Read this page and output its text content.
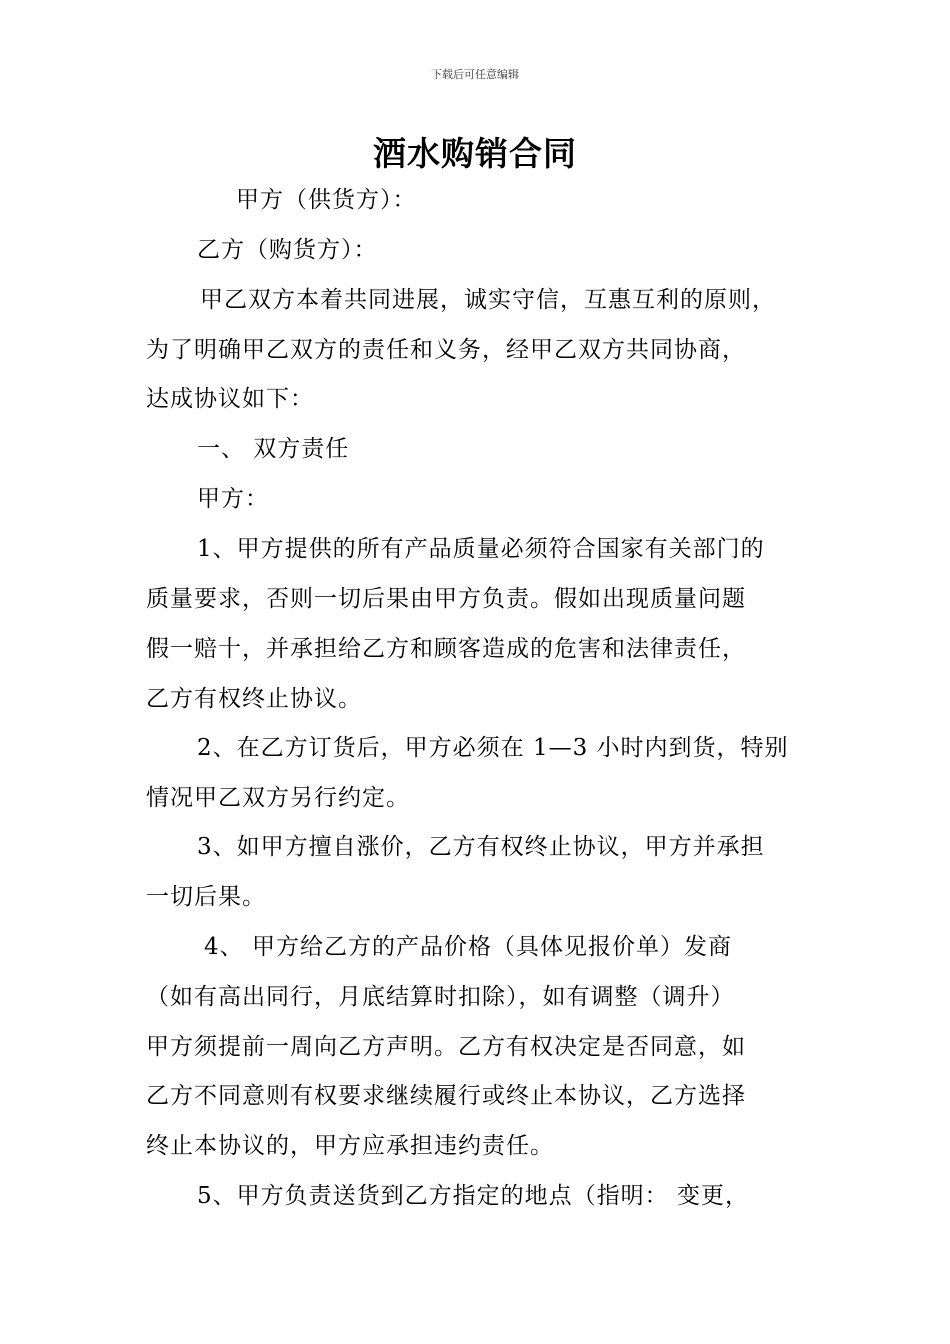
下载后可任意编辑
酒水购销合同
甲方（供货方）：
乙方（购货方）：
甲乙双方本着共同进展，诚实守信，互惠互利的原则，
为了明确甲乙双方的责任和义务，经甲乙双方共同协商，
达成协议如下：
一、 双方责任
甲方：
1、甲方提供的所有产品质量必须符合国家有关部门的
质量要求，否则一切后果由甲方负责。假如出现质量问题
假一赔十，并承担给乙方和顾客造成的危害和法律责任，
乙方有权终止协议。
2、在乙方订货后，甲方必须在 1—3 小时内到货，特别
情况甲乙双方另行约定。
3、如甲方擅自涨价，乙方有权终止协议，甲方并承担
一切后果。
4、 甲方给乙方的产品价格（具体见报价单）发商
（如有高出同行，月底结算时扣除），如有调整（调升）
甲方须提前一周向乙方声明。乙方有权决定是否同意，如
乙方不同意则有权要求继续履行或终止本协议，乙方选择
终止本协议的，甲方应承担违约责任。
5、甲方负责送货到乙方指定的地点（指明： 变更，
